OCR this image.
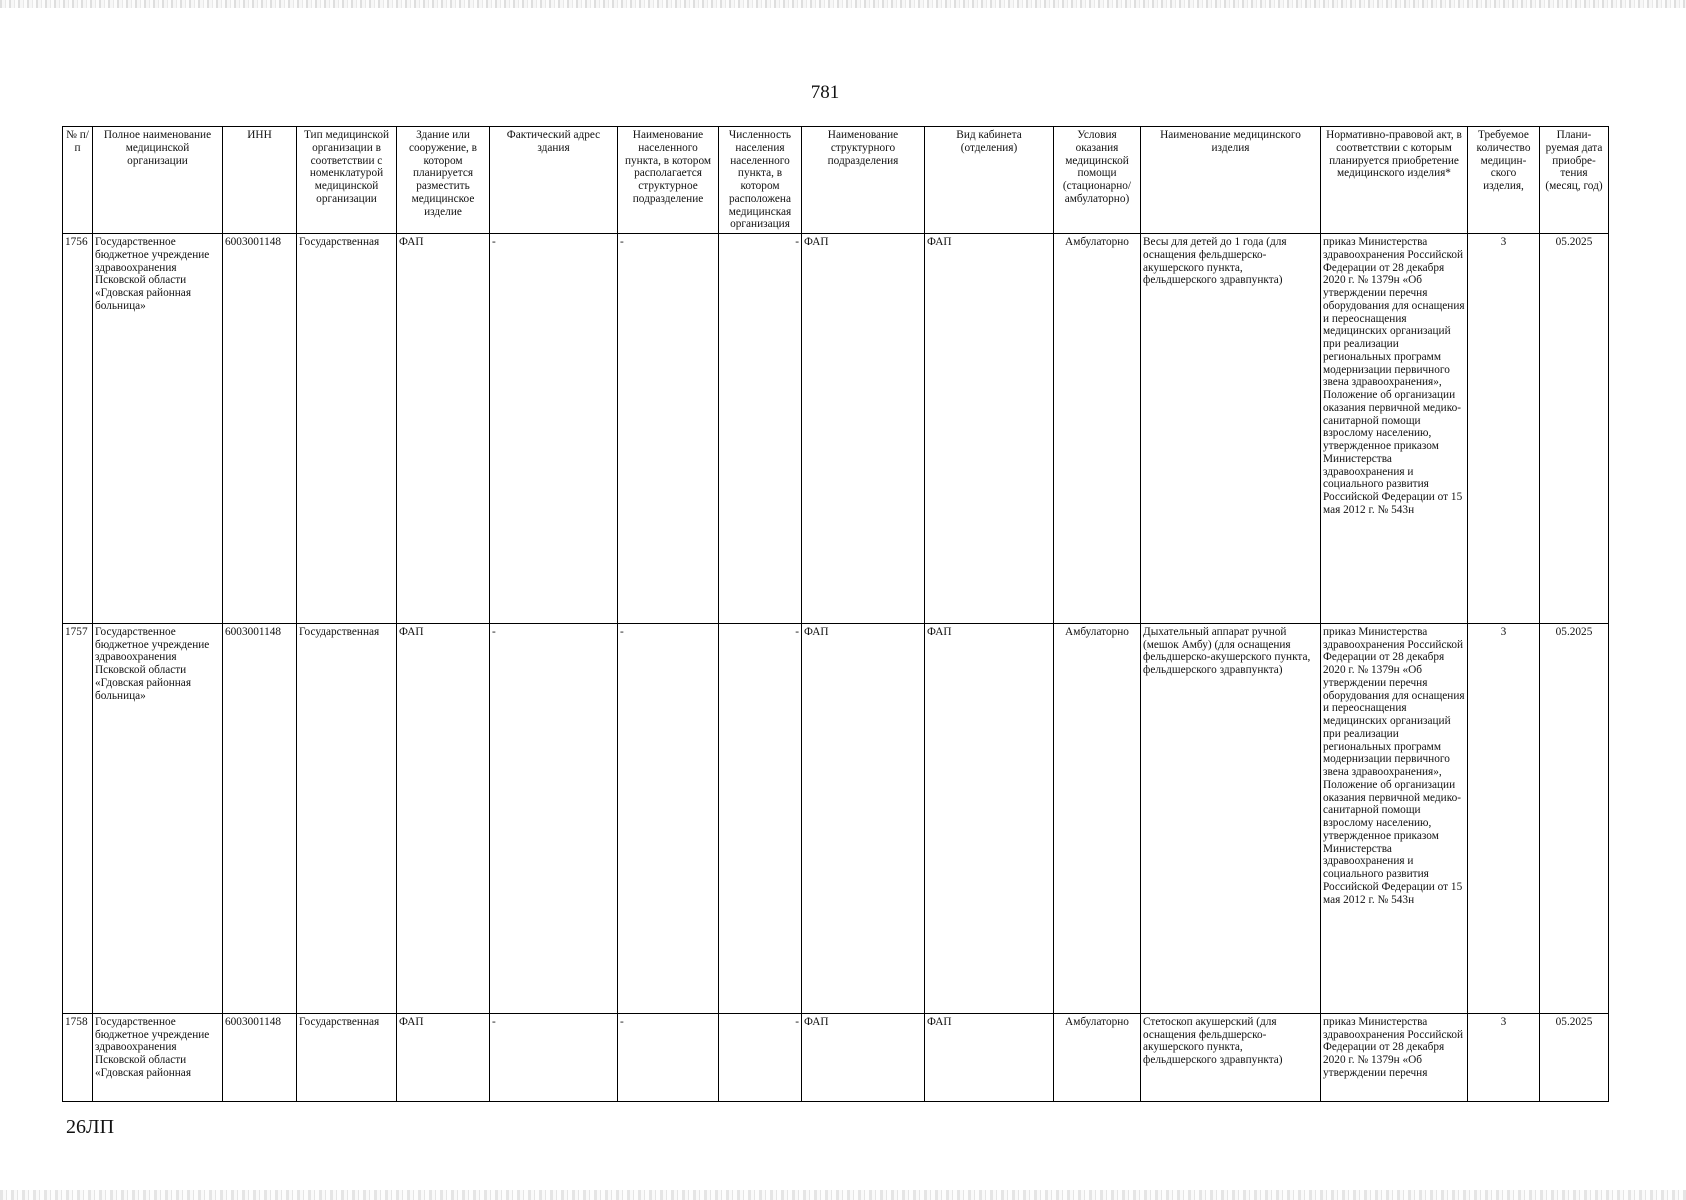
781
№ п/п	Полное наименование медицинской организации	ИНН	Тип медицинской организации в соответствии с номенклатурой медицинской организации	Здание или сооружение, в котором планируется разместить медицинское изделие	Фактический адрес здания	Наименование населенного пункта, в котором располагается структурное подразделение	Численность населения населенного пункта, в котором расположена медицинская организация	Наименование структурного подразделения	Вид кабинета (отделения)	Условия оказания медицинской помощи (стационарно/ амбулаторно)	Наименование медицинского изделия	Нормативно-правовой акт, в соответствии с которым планируется приобретение медицинского изделия*	Требуемое количество медицин-ского изделия,	Плани-руемая дата приобре-тения (месяц, год)
1756	Государственное бюджетное учреждение здравоохранения Псковской области «Гдовская районная больница»	6003001148	Государственная	ФАП	-	-	-	ФАП	ФАП	Амбулаторно	Весы для детей до 1 года (для оснащения фельдшерско-акушерского пункта, фельдшерского здравпункта)	приказ Министерства здравоохранения Российской Федерации от 28 декабря 2020 г. № 1379н «Об утверждении перечня оборудования для оснащения и переоснащения медицинских организаций при реализации региональных программ модернизации первичного звена здравоохранения», Положение об организации оказания первичной медико-санитарной помощи взрослому населению, утвержденное приказом Министерства здравоохранения и социального развития Российской Федерации от 15 мая 2012 г. № 543н	3	05.2025
1757	Государственное бюджетное учреждение здравоохранения Псковской области «Гдовская районная больница»	6003001148	Государственная	ФАП	-	-	-	ФАП	ФАП	Амбулаторно	Дыхательный аппарат ручной (мешок Амбу) (для оснащения фельдшерско-акушерского пункта, фельдшерского здравпункта)	приказ Министерства здравоохранения Российской Федерации от 28 декабря 2020 г. № 1379н «Об утверждении перечня оборудования для оснащения и переоснащения медицинских организаций при реализации региональных программ модернизации первичного звена здравоохранения», Положение об организации оказания первичной медико-санитарной помощи взрослому населению, утвержденное приказом Министерства здравоохранения и социального развития Российской Федерации от 15 мая 2012 г. № 543н	3	05.2025
1758	Государственное бюджетное учреждение здравоохранения Псковской области «Гдовская районная	6003001148	Государственная	ФАП	-	-	-	ФАП	ФАП	Амбулаторно	Стетоскоп акушерский (для оснащения фельдшерско-акушерского пункта, фельдшерского здравпункта)	приказ Министерства здравоохранения Российской Федерации от 28 декабря 2020 г. № 1379н «Об утверждении перечня	3	05.2025
26ЛП
